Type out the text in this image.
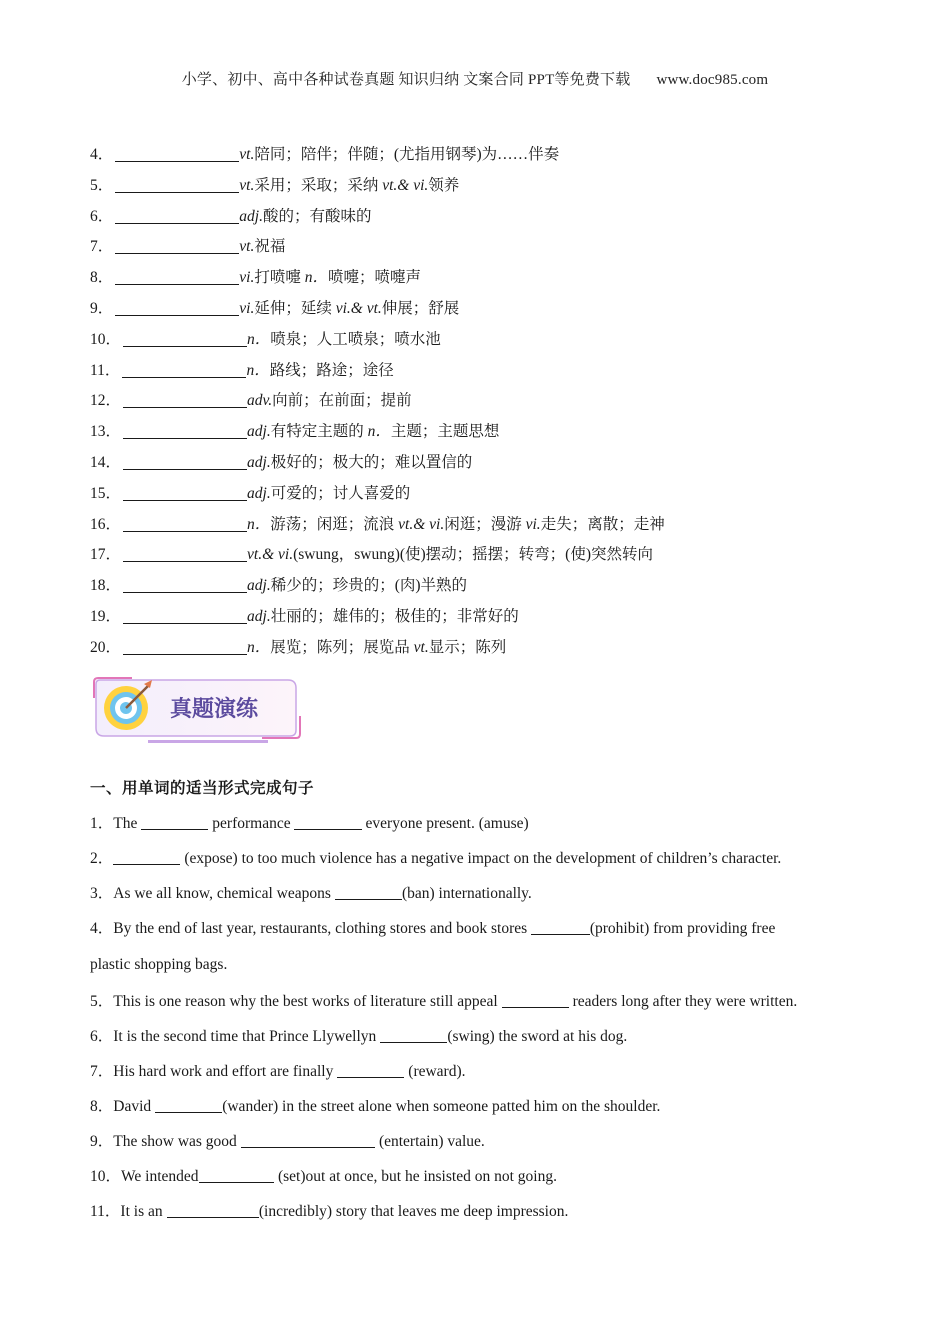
小学、初中、高中各种试卷真题 知识归纳 文案合同 PPT等免费下载 www.doc985.com
4．	vt.陪同；陪伴；伴随；(尤指用钢琴)为……伴奏
5．	vt.采用；采取；采纳 vt.& vi.领养
6．	adj.酸的；有酸味的
7．	vt.祝福
8．	vi.打喷嚏 n．喷嚏；喷嚏声
9．	vi.延伸；延续 vi.& vt.伸展；舒展
10．	n．喷泉；人工喷泉；喷水池
11．	n．路线；路途；途径
12．	adv.向前；在前面；提前
13．	adj.有特定主题的 n．主题；主题思想
14．	adj.极好的；极大的；难以置信的
15．	adj.可爱的；讨人喜爱的
16．	n．游荡；闲逛；流浪 vt.& vi.闲逛；漫游 vi.走失；离散；走神
17．	vt.& vi.(swung，swung)(使)摆动；摇摆；转弯；(使)突然转向
18．	adj.稀少的；珍贵的；(肉)半熟的
19．	adj.壮丽的；雄伟的；极佳的；非常好的
20．	n．展览；陈列；展览品 vt.显示；陈列
真题演练
一、用单词的适当形式完成句子
1．The	performance	everyone present. (amuse)
2．	(expose) to too much violence has a negative impact on the development of children’s character.
3．As we all know, chemical weapons	(ban) internationally.
4．By the end of last year, restaurants, clothing stores and book stores	(prohibit) from providing free
plastic shopping bags.
5．This is one reason why the best works of literature still appeal	readers long after they were written.
6．It is the second time that Prince Llywellyn	(swing) the sword at his dog.
7．His hard work and effort are finally	(reward).
8．David	(wander) in the street alone when someone patted him on the shoulder.
9．The show was good	(entertain) value.
10．We intended	(set)out at once, but he insisted on not going.
11．It is an	(incredibly) story that leaves me deep impression.
